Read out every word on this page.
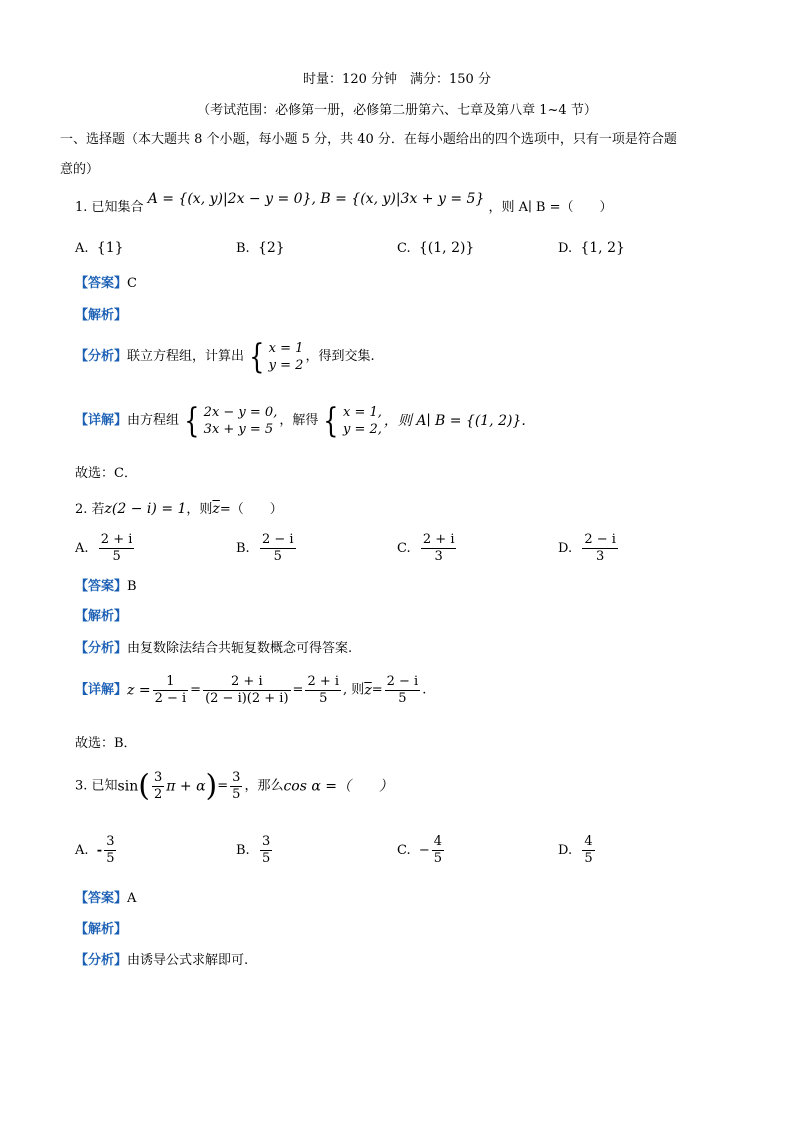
时量：120 分钟　满分：150 分
（考试范围：必修第一册，必修第二册第六、七章及第八章 1~4 节）
一、选择题（本大题共 8 个小题，每小题 5 分，共 40 分．在每小题给出的四个选项中，只有一项是符合题
意的）
1. 已知集合 A = {(x, y)|2x − y = 0}, B = {(x, y)|3x + y = 5} ，则 A∣ B =（　　）
A. {1}	B. {2}	C. {(1, 2)}	D. {1, 2}
【答案】C
【解析】
【分析】联立方程组，计算出 { x = 1
y = 2
，得到交集.
【详解】由方程组 { 2x − y = 0,
3x + y = 5
，解得 { x = 1,
y = 2,
，则 A∣ B = {(1, 2)}.
故选：C．
2. 若z(2 − i) = 1，则$\overline{z}=$（　　）
A. $\frac{2 + i}{5}$	B. $\frac{2 - i}{5}$	C. $\frac{2 + i}{3}$	D. $\frac{2 - i}{3}$
【答案】B
【解析】
【分析】由复数除法结合共轭复数概念可得答案.
【详解】$z = \frac{1}{2 - i} = \frac{2 + i}{(2 - i)(2 + i)} = \frac{2 + i}{5}$ , 则$\overline{z}= \frac{2 - i}{5}$ .
故选：B．
3. 已知$\sin( \frac{3}{2}$ $\pi + \alpha)= \frac{3}{5}$ ，那么cos α =（　　）
A. - $\frac{3}{5}$	B. $\frac{3}{5}$	C. − $\frac{4}{5}$	D. $\frac{4}{5}$
【答案】A
【解析】
【分析】由诱导公式求解即可.
